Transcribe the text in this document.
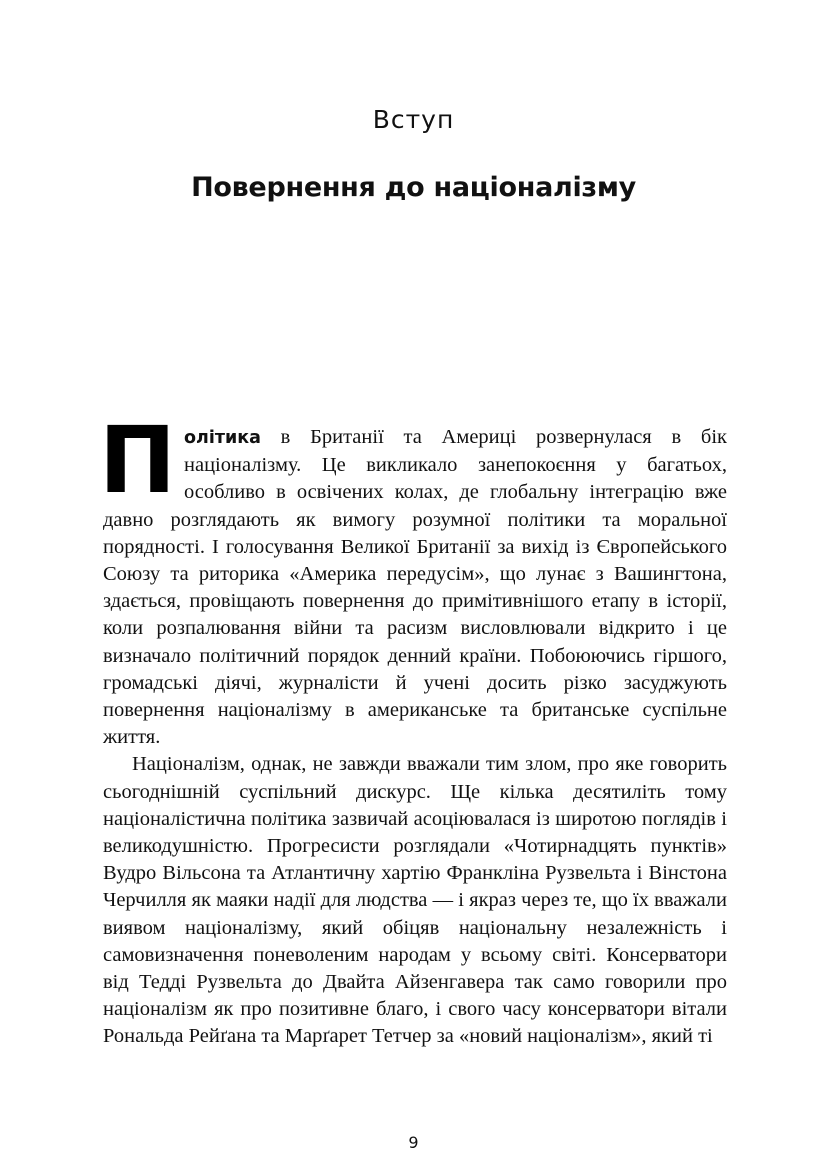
Вступ
Повернення до націоналізму

Політика в Британії та Америці розвернулася в бік націоналізму. Це викликало занепокоєння у багатьох, особливо в освічених колах, де глобальну інтеграцію вже давно розглядають як вимогу розумної політики та моральної порядності. І голосування Великої Британії за вихід із Європейського Союзу та риторика «Америка передусім», що лунає з Вашингтона, здається, провіщають повернення до примітивнішого етапу в історії, коли розпалювання війни та расизм висловлювали відкрито і це визначало політичний порядок денний країни. Побоюючись гіршого, громадські діячі, журналісти й учені досить різко засуджують повернення націоналізму в американське та британське суспільне життя.

Націоналізм, однак, не завжди вважали тим злом, про яке говорить сьогоднішній суспільний дискурс. Ще кілька десятиліть тому націоналістична політика зазвичай асоціювалася із широтою поглядів і великодушністю. Прогресисти розглядали «Чотирнадцять пунктів» Вудро Вільсона та Атлантичну хартію Франкліна Рузвельта і Вінстона Черчилля як маяки надії для людства — і якраз через те, що їх вважали виявом націоналізму, який обіцяв національну незалежність і самовизначення поневоленим народам у всьому світі. Консерватори від Тедді Рузвельта до Двайта Айзенгавера так само говорили про націоналізм як про позитивне благо, і свого часу консерватори вітали Рональда Рейґана та Марґарет Тетчер за «новий націоналізм», який ті

9
